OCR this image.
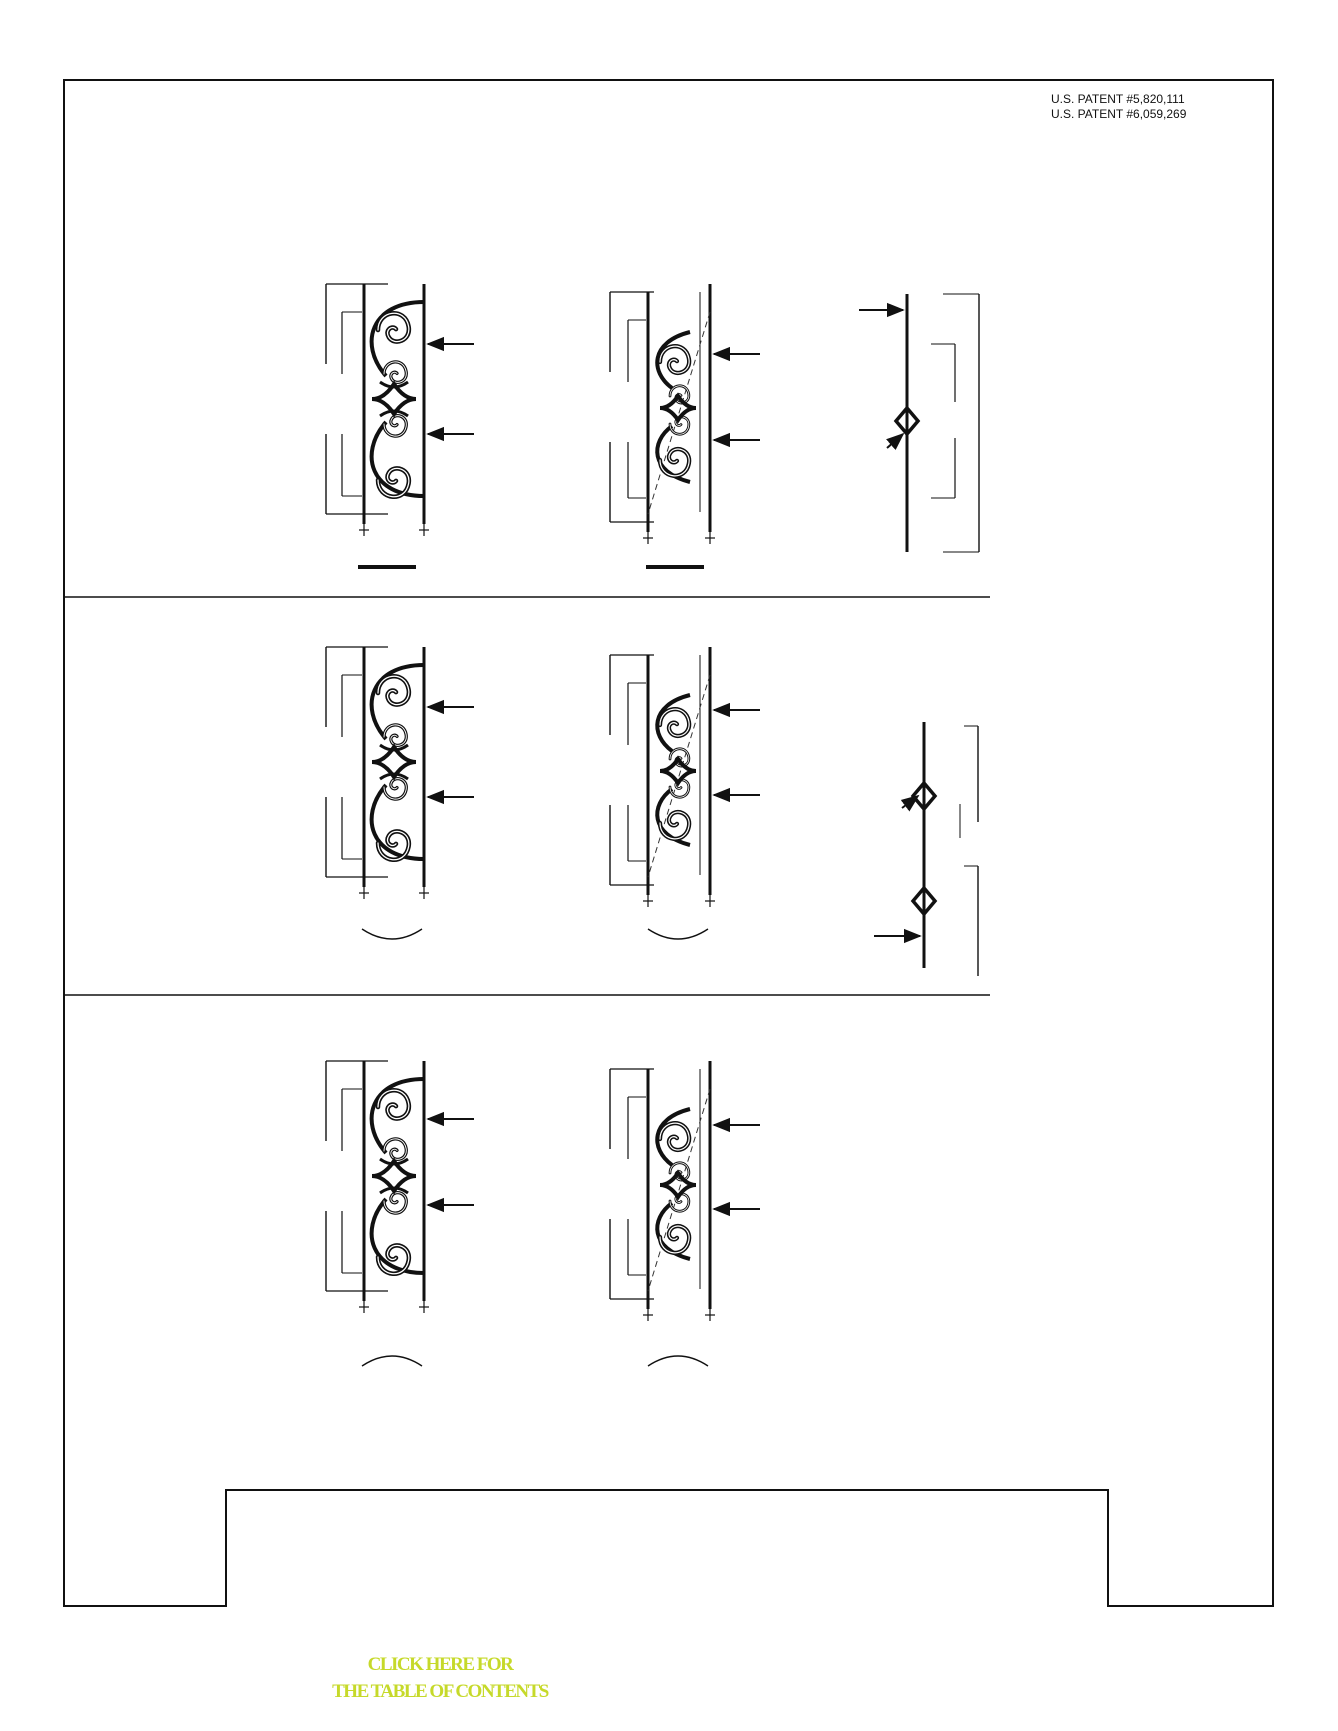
U.S. PATENT #5,820,111
U.S. PATENT #6,059,269
CLICK HERE FOR
THE TABLE OF CONTENTS
